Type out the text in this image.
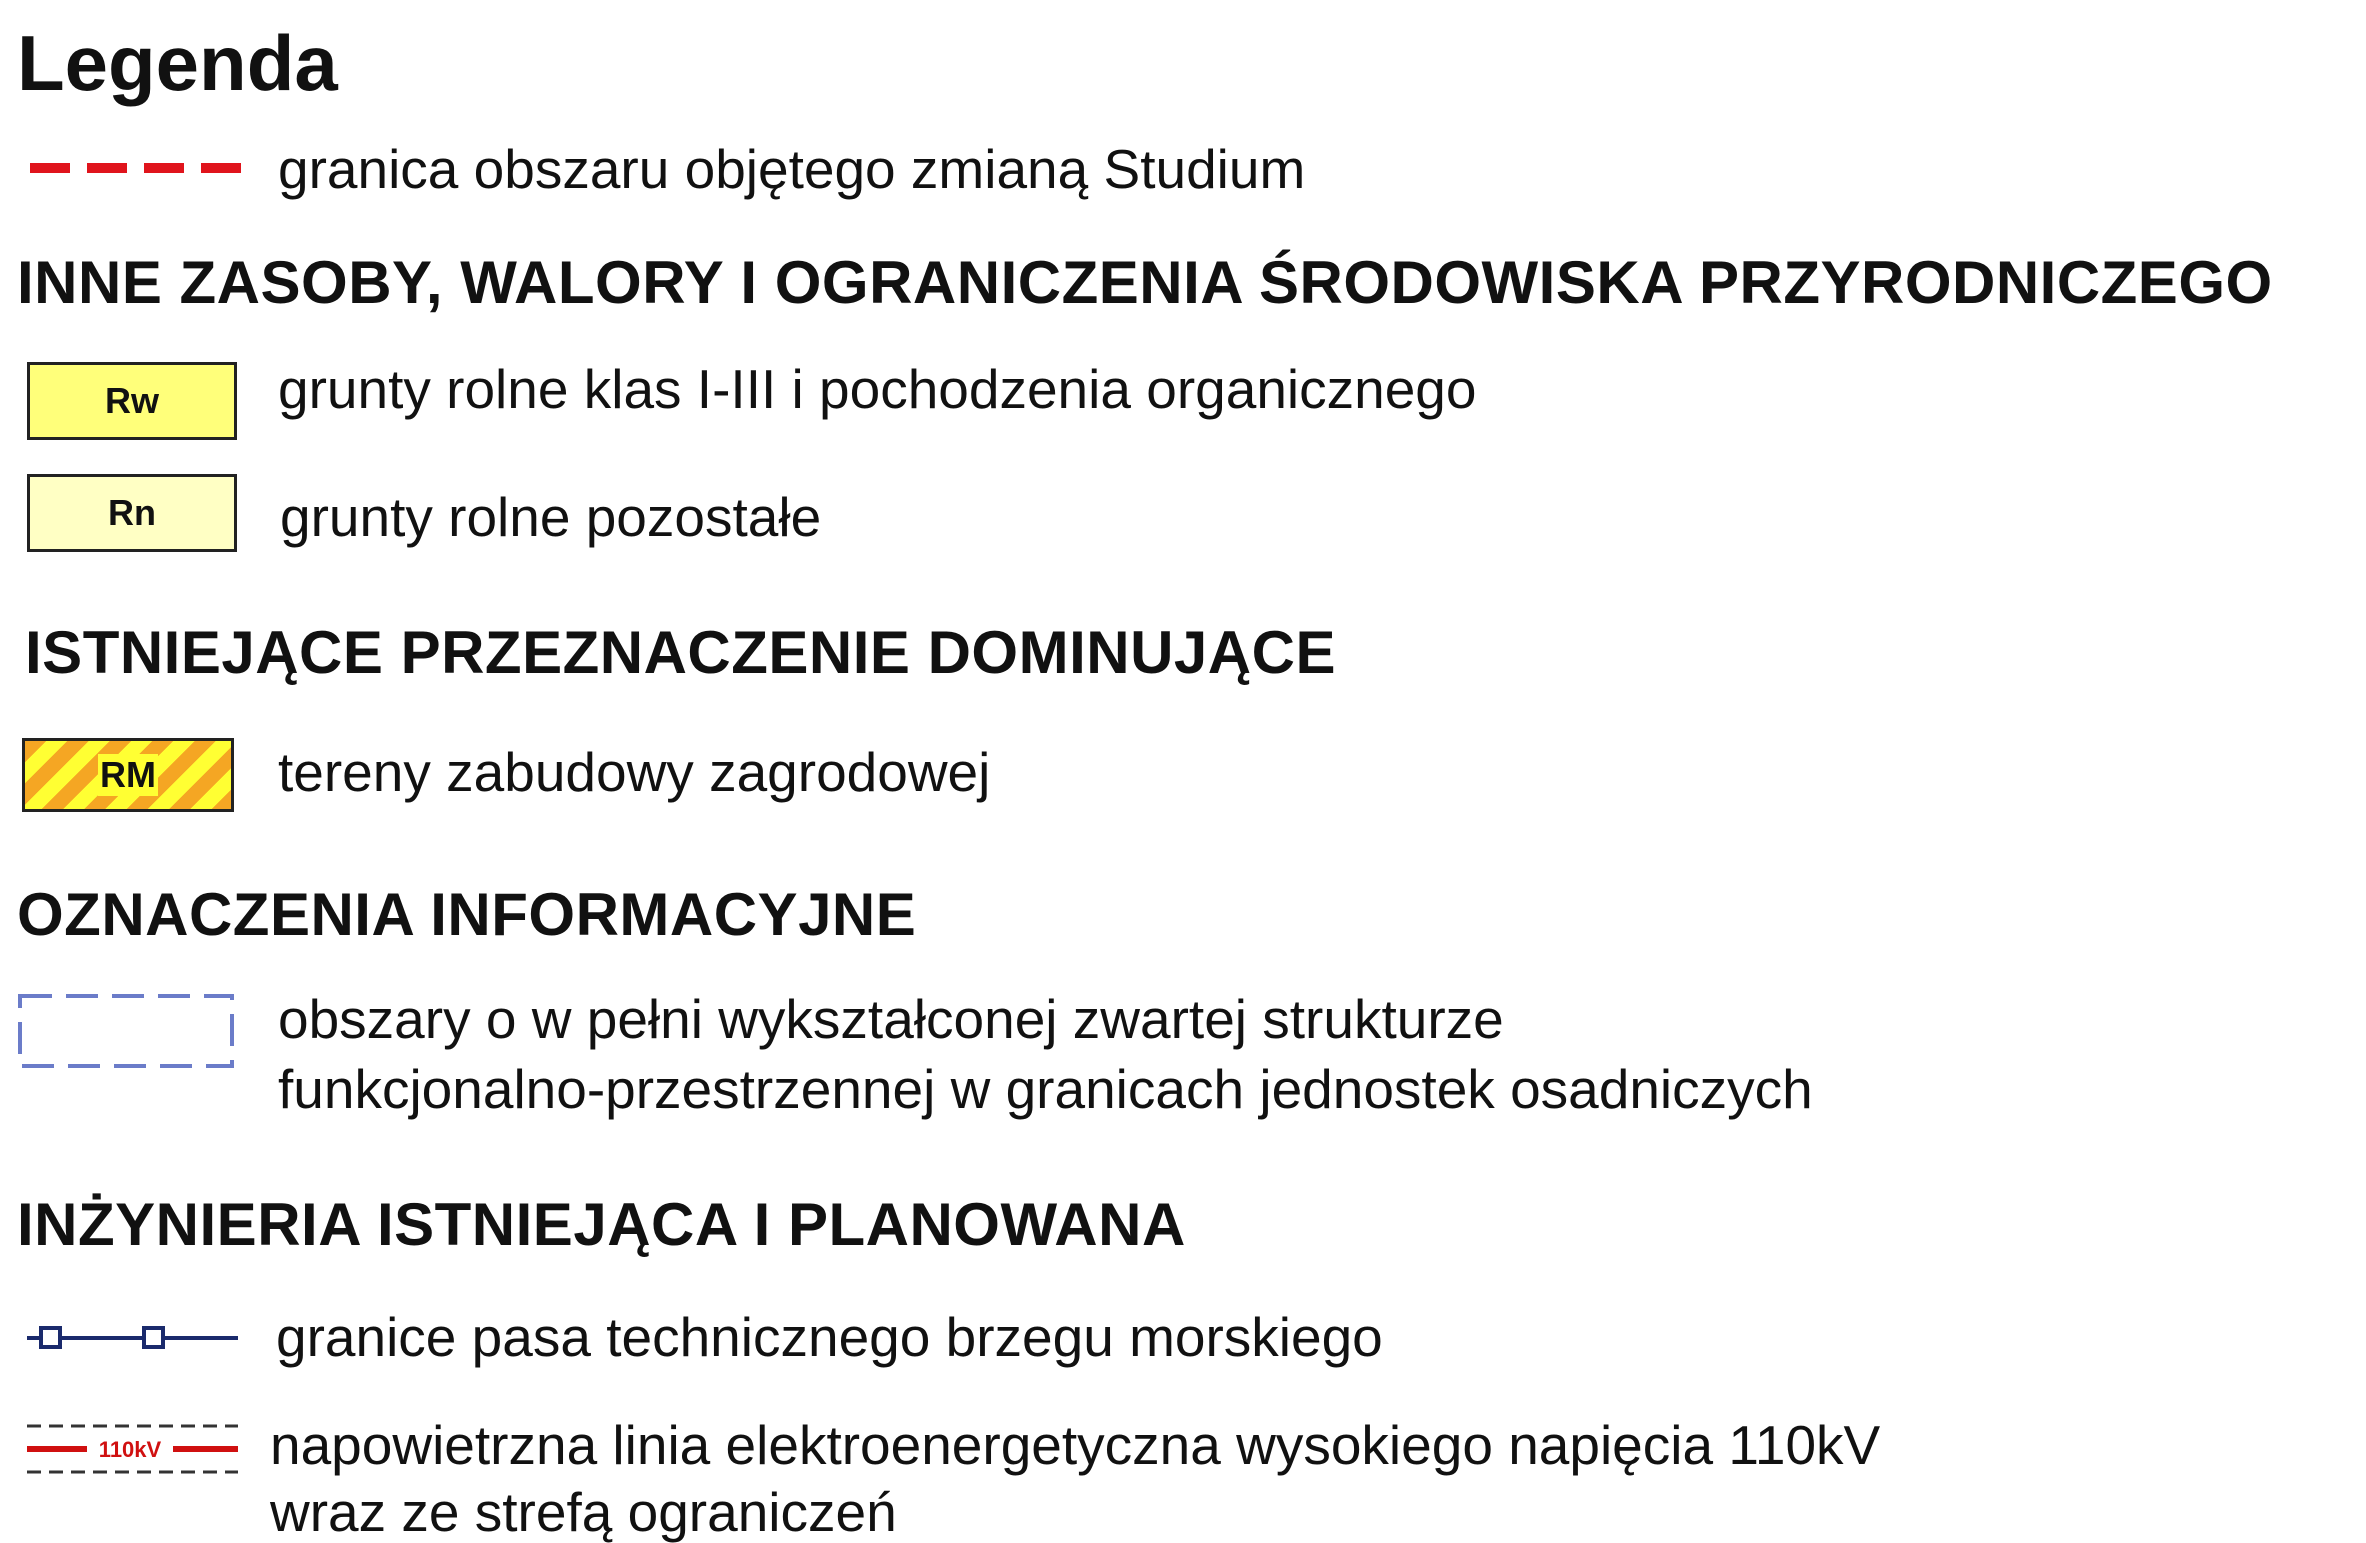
Legenda
granica obszaru objętego zmianą Studium
INNE ZASOBY, WALORY I OGRANICZENIA ŚRODOWISKA PRZYRODNICZEGO
Rw grunty rolne klas I-III i pochodzenia organicznego
Rn grunty rolne pozostałe
ISTNIEJĄCE PRZEZNACZENIE DOMINUJĄCE
RM tereny zabudowy zagrodowej
OZNACZENIA INFORMACYJNE
obszary o w pełni wykształconej zwartej strukturze
funkcjonalno-przestrzennej w granicach jednostek osadniczych
INŻYNIERIA ISTNIEJĄCA I PLANOWANA
granice pasa technicznego brzegu morskiego
110kV napowietrzna linia elektroenergetyczna wysokiego napięcia 110kV
wraz ze strefą ograniczeń
